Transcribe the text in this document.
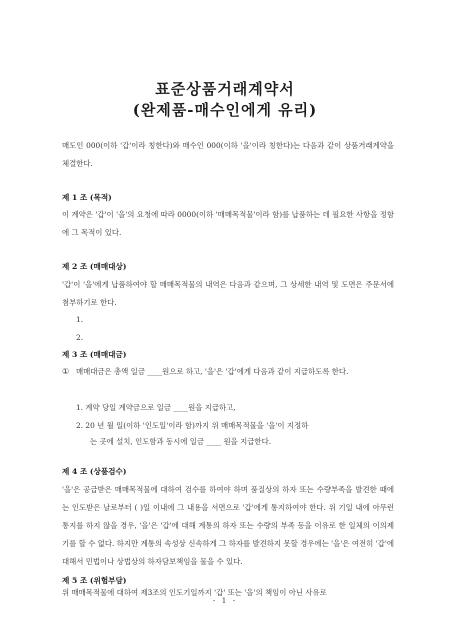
표준상품거래계약서
(완제품-매수인에게 유리)
매도인 000(이하 '갑'이라 칭한다)와 매수인 000(이하 '을'이라 칭한다)는 다음과 같이 상품거래계약을 체결한다.
제 1 조 (목적)
이 계약은 '갑'이 '을'의 요청에 따라 0000(이하 '매매목적물'이라 함)를 납품하는 데 필요한 사항을 정함에 그 목적이 있다.
제 2 조 (매매대상)
'갑'이 '을'에게 납품하여야 할 매매목적물의 내역은 다음과 같으며, 그 상세한 내역 및 도면은 주문서에 첨부하기로 한다.
1.
2.
제 3 조 (매매대금)
① 매매대금은 총액 일금 ____원으로 하고, '을'은 '갑'에게 다음과 같이 지급하도록 한다.
1. 계약 당일 계약금으로 일금 ____원을 지급하고,
2. 20 년 월 일(이하 '인도일'이라 함)까지 위 매매목적물을 '을'이 지정하
는 곳에 설치, 인도함과 동시에 일금 ____ 원을 지급한다.
제 4 조 (상품검수)
'을'은 공급받은 매매목적물에 대하여 검수를 하여야 하며 품질상의 하자 또는 수량부족을 발견한 때에는 인도받은 날로부터 ( )일 이내에 그 내용을 서면으로 '갑'에게 통지하여야 한다. 위 기일 내에 아무런 통지를 하지 않을 경우, '을'은 '갑'에 대해 계통의 하자 또는 수량의 부족 등을 이유로 한 일체의 이의제기를 할 수 없다. 하지만 계통의 속성상 신속하게 그 하자를 발견하지 못할 경우에는 '을'은 여전히 '갑'에 대해서 민법이나 상법상의 하자담보책임을 물을 수 있다.
제 5 조 (위험부담)
위 매매목적물에 대하여 제3조의 인도기일까지 '갑' 또는 '을'의 책임이 아닌 사유로
- 1 -
